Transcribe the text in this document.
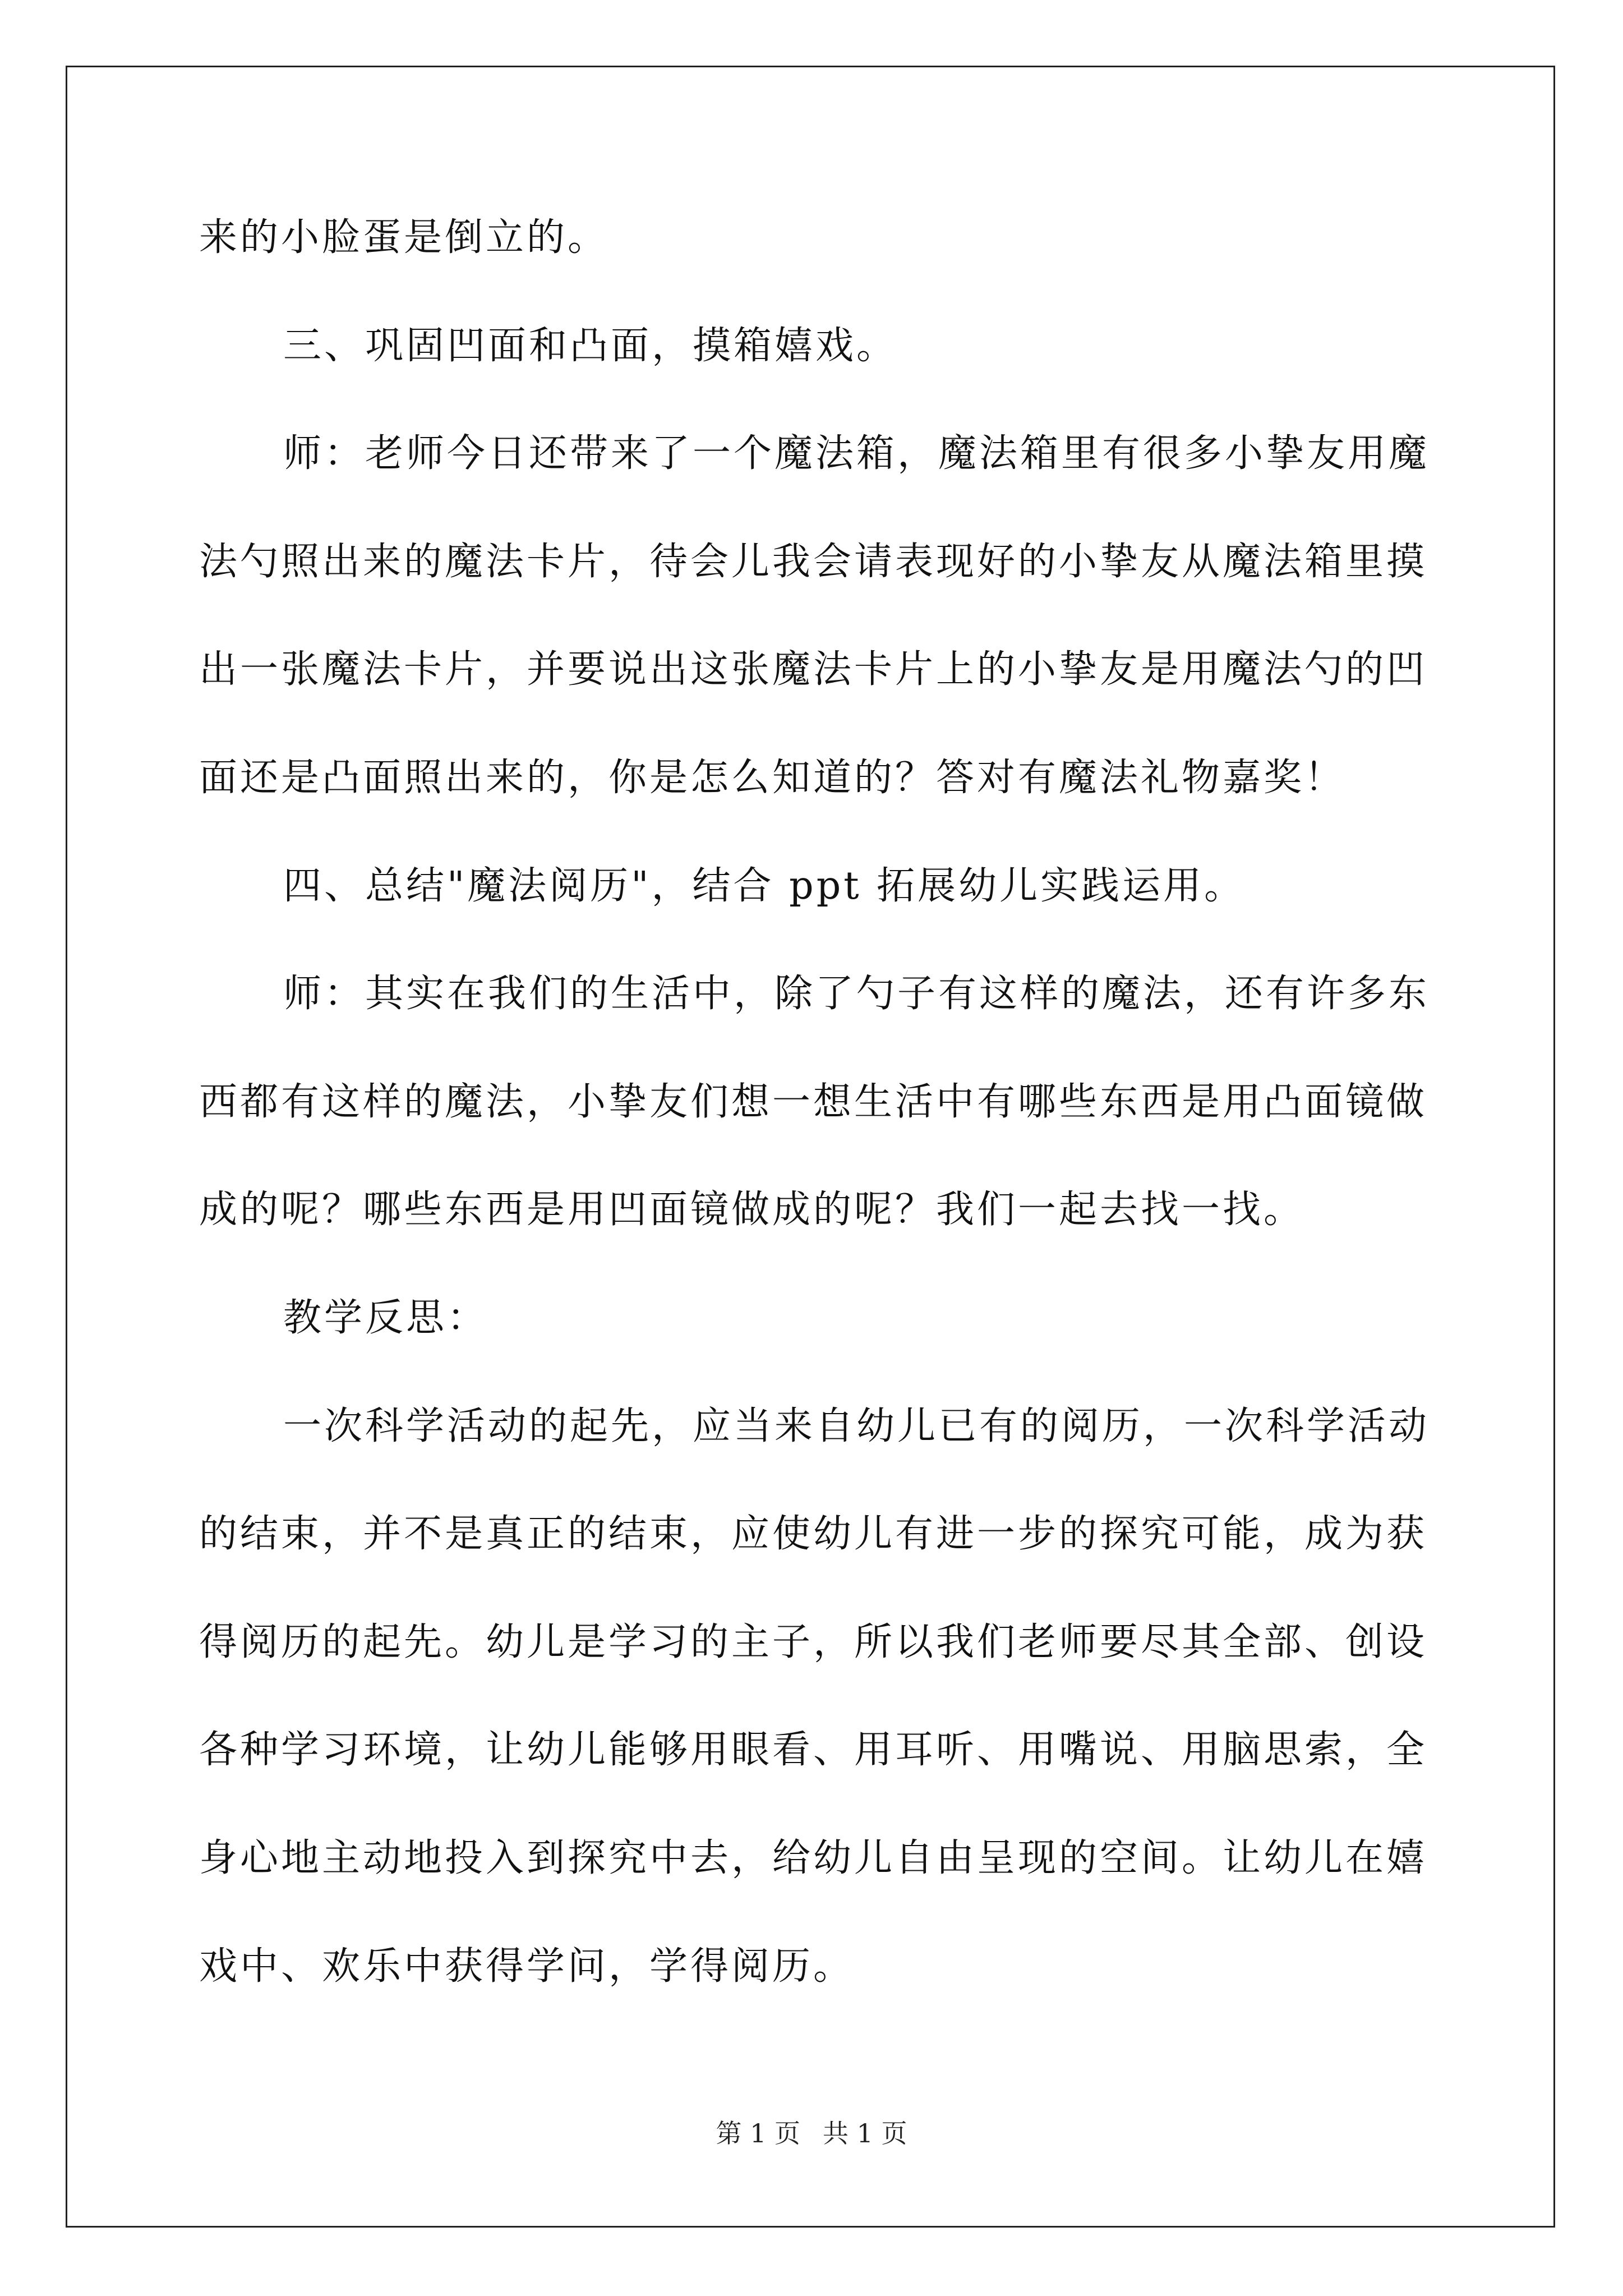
来的小脸蛋是倒立的。
三、巩固凹面和凸面，摸箱嬉戏。
师：老师今日还带来了一个魔法箱，魔法箱里有很多小挚友用魔
法勺照出来的魔法卡片，待会儿我会请表现好的小挚友从魔法箱里摸
出一张魔法卡片，并要说出这张魔法卡片上的小挚友是用魔法勺的凹
面还是凸面照出来的，你是怎么知道的？答对有魔法礼物嘉奖！
四、总结"魔法阅历"，结合 ppt 拓展幼儿实践运用。
师：其实在我们的生活中，除了勺子有这样的魔法，还有许多东
西都有这样的魔法，小挚友们想一想生活中有哪些东西是用凸面镜做
成的呢？哪些东西是用凹面镜做成的呢？我们一起去找一找。
教学反思：
一次科学活动的起先，应当来自幼儿已有的阅历，一次科学活动
的结束，并不是真正的结束，应使幼儿有进一步的探究可能，成为获
得阅历的起先。幼儿是学习的主子，所以我们老师要尽其全部、创设
各种学习环境，让幼儿能够用眼看、用耳听、用嘴说、用脑思索，全
身心地主动地投入到探究中去，给幼儿自由呈现的空间。让幼儿在嬉
戏中、欢乐中获得学问，学得阅历。
第 1 页 共 1 页
